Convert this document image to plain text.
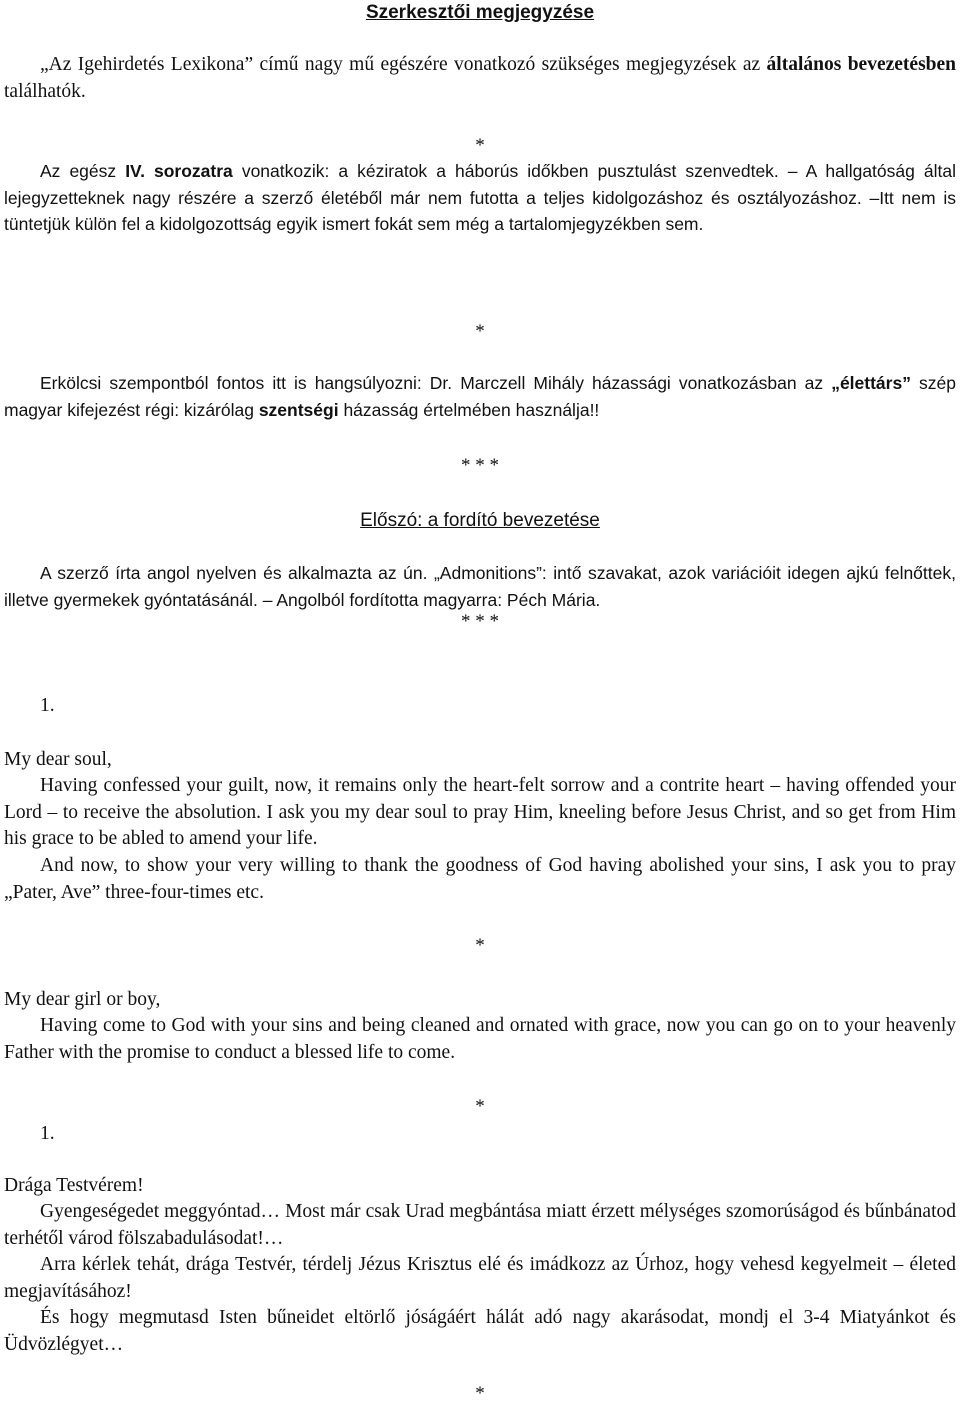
Szerkesztői megjegyzése

„Az Igehirdetés Lexikona” című nagy mű egészére vonatkozó szükséges megjegyzések az általános bevezetésben találhatók.

*

Az egész IV. sorozatra vonatkozik: a kéziratok a háborús időkben pusztulást szenvedtek. – A hallgatóság által lejegyzetteknek nagy részére a szerző életéből már nem futotta a teljes kidolgozáshoz és osztályozáshoz. –Itt nem is tüntetjük külön fel a kidolgozottság egyik ismert fokát sem még a tartalomjegyzékben sem.

*

Erkölcsi szempontból fontos itt is hangsúlyozni: Dr. Marczell Mihály házassági vonatkozásban az „élettárs” szép magyar kifejezést régi: kizárólag szentségi házasság értelmében használja!!

* * *
Előszó: a fordító bevezetése

A szerző írta angol nyelven és alkalmazta az ún. „Admonitions”: intő szavakat, azok variációit idegen ajkú felnőttek, illetve gyermekek gyóntatásánál. – Angolból fordította magyarra: Péch Mária.

* * *
1.

My dear soul,

Having confessed your guilt, now, it remains only the heart-felt sorrow and a contrite heart – having offended your Lord – to receive the absolution. I ask you my dear soul to pray Him, kneeling before Jesus Christ, and so get from Him his grace to be abled to amend your life.

And now, to show your very willing to thank the goodness of God having abolished your sins, I ask you to pray „Pater, Ave” three-four-times etc.

*

My dear girl or boy,

Having come to God with your sins and being cleaned and ornated with grace, now you can go on to your heavenly Father with the promise to conduct a blessed life to come.

*
1.

Drága Testvérem!

Gyengeségedet meggyóntad… Most már csak Urad megbántása miatt érzett mélységes szomorúságod és bűnbánatod terhétől várod fölszabadulásodat!…

Arra kérlek tehát, drága Testvér, térdelj Jézus Krisztus elé és imádkozz az Úrhoz, hogy vehesd kegyelmeit – életed megjavításához!

És hogy megmutasd Isten bűneidet eltörlő jóságáért hálát adó nagy akarásodat, mondj el 3-4 Miatyánkot és Üdvözlégyet…

*
